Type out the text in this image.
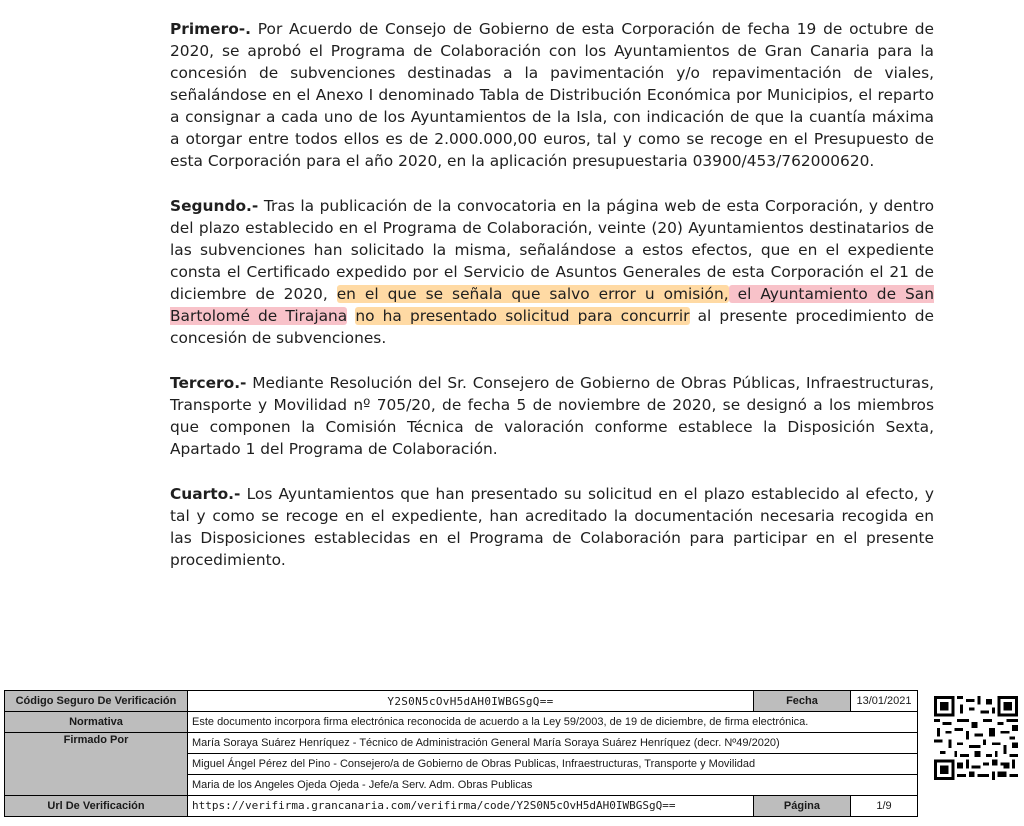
Primero-. Por Acuerdo de Consejo de Gobierno de esta Corporación de fecha 19 de octubre de 2020, se aprobó el Programa de Colaboración con los Ayuntamientos de Gran Canaria para la concesión de subvenciones destinadas a la pavimentación y/o repavimentación de viales, señalándose en el Anexo I denominado Tabla de Distribución Económica por Municipios, el reparto a consignar a cada uno de los Ayuntamientos de la Isla, con indicación de que la cuantía máxima a otorgar entre todos ellos es de 2.000.000,00 euros, tal y como se recoge en el Presupuesto de esta Corporación para el año 2020, en la aplicación presupuestaria 03900/453/762000620.

Segundo.- Tras la publicación de la convocatoria en la página web de esta Corporación, y dentro del plazo establecido en el Programa de Colaboración, veinte (20) Ayuntamientos destinatarios de las subvenciones han solicitado la misma, señalándose a estos efectos, que en el expediente consta el Certificado expedido por el Servicio de Asuntos Generales de esta Corporación el 21 de diciembre de 2020, en el que se señala que salvo error u omisión, el Ayuntamiento de San Bartolomé de Tirajana no ha presentado solicitud para concurrir al presente procedimiento de concesión de subvenciones.

Tercero.- Mediante Resolución del Sr. Consejero de Gobierno de Obras Públicas, Infraestructuras, Transporte y Movilidad nº 705/20, de fecha 5 de noviembre de 2020, se designó a los miembros que componen la Comisión Técnica de valoración conforme establece la Disposición Sexta, Apartado 1 del Programa de Colaboración.

Cuarto.- Los Ayuntamientos que han presentado su solicitud en el plazo establecido al efecto, y tal y como se recoge en el expediente, han acreditado la documentación necesaria recogida en las Disposiciones establecidas en el Programa de Colaboración para participar en el presente procedimiento.

Código Seguro De Verificación	Y2S0N5cOvH5dAH0IWBGSgQ==	Fecha	13/01/2021
Normativa	Este documento incorpora firma electrónica reconocida de acuerdo a la Ley 59/2003, de 19 de diciembre, de firma electrónica.		
Firmado Por	María Soraya Suárez Henríquez - Técnico de Administración General María Soraya Suárez Henríquez (decr. Nº49/2020)		
	Miguel Ángel Pérez del Pino - Consejero/a de Gobierno de Obras Publicas, Infraestructuras, Transporte y Movilidad		
	Maria de los Angeles Ojeda Ojeda - Jefe/a Serv. Adm. Obras Publicas		
Url De Verificación	https://verifirma.grancanaria.com/verifirma/code/Y2S0N5cOvH5dAH0IWBGSgQ==	Página	1/9
